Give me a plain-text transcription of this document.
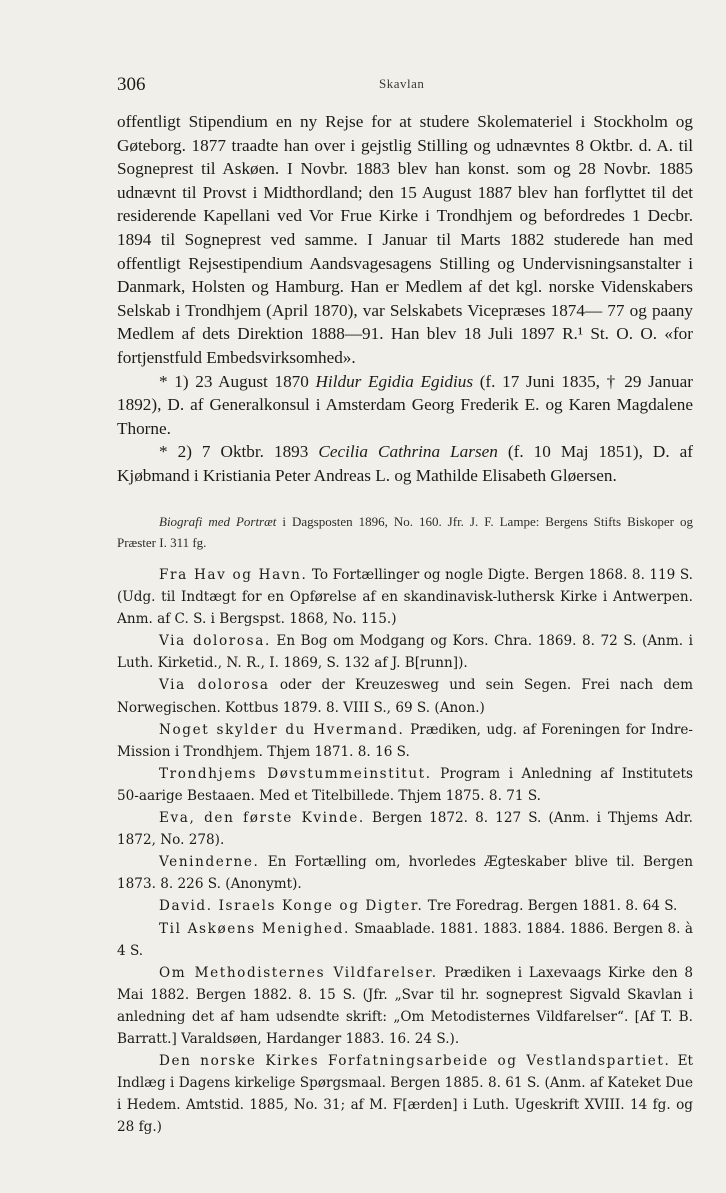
306	Skavlan

offentligt Stipendium en ny Rejse for at studere Skolemateriel i Stockholm og Gøteborg. 1877 traadte han over i gejstlig Stilling og udnævntes 8 Oktbr. d. A. til Sogneprest til Askøen. I Novbr. 1883 blev han konst. som og 28 Novbr. 1885 udnævnt til Provst i Midthordland; den 15 August 1887 blev han forflyttet til det residerende Kapellani ved Vor Frue Kirke i Trondhjem og befordredes 1 Decbr. 1894 til Sogneprest ved samme. I Januar til Marts 1882 studerede han med offentligt Rejsestipendium Aandsvagesagens Stilling og Undervisningsanstalter i Danmark, Holsten og Hamburg. Han er Medlem af det kgl. norske Videnskabers Selskab i Trondhjem (April 1870), var Selskabets Vicepræses 1874— 77 og paany Medlem af dets Direktion 1888—91. Han blev 18 Juli 1897 R.¹ St. O. O. «for fortjenstfuld Embedsvirksomhed».

* 1) 23 August 1870 Hildur Egidia Egidius (f. 17 Juni 1835, † 29 Januar 1892), D. af Generalkonsul i Amsterdam Georg Frederik E. og Karen Magdalene Thorne.

* 2) 7 Oktbr. 1893 Cecilia Cathrina Larsen (f. 10 Maj 1851), D. af Kjøbmand i Kristiania Peter Andreas L. og Mathilde Elisabeth Gløersen.

Biografi med Portræt i Dagsposten 1896, No. 160. Jfr. J. F. Lampe: Bergens Stifts Biskoper og Præster I. 311 fg.

Fra Hav og Havn. To Fortællinger og nogle Digte. Bergen 1868. 8. 119 S. (Udg. til Indtægt for en Opførelse af en skandinavisk-luthersk Kirke i Antwerpen. Anm. af C. S. i Bergspst. 1868, No. 115.)

Via dolorosa. En Bog om Modgang og Kors. Chra. 1869. 8. 72 S. (Anm. i Luth. Kirketid., N. R., I. 1869, S. 132 af J. B[runn]).

Via dolorosa oder der Kreuzesweg und sein Segen. Frei nach dem Norwegischen. Kottbus 1879. 8. VIII S., 69 S. (Anon.)

Noget skylder du Hvermand. Prædiken, udg. af Foreningen for Indre-Mission i Trondhjem. Thjem 1871. 8. 16 S.

Trondhjems Døvstummeinstitut. Program i Anledning af Institutets 50-aarige Bestaaen. Med et Titelbillede. Thjem 1875. 8. 71 S.

Eva, den første Kvinde. Bergen 1872. 8. 127 S. (Anm. i Thjems Adr. 1872, No. 278).

Veninderne. En Fortælling om, hvorledes Ægteskaber blive til. Bergen 1873. 8. 226 S. (Anonymt).

David. Israels Konge og Digter. Tre Foredrag. Bergen 1881. 8. 64 S.

Til Askøens Menighed. Smaablade. 1881. 1883. 1884. 1886. Bergen 8. à 4 S.

Om Methodisternes Vildfarelser. Prædiken i Laxevaags Kirke den 8 Mai 1882. Bergen 1882. 8. 15 S. (Jfr. „Svar til hr. sogneprest Sigvald Skavlan i anledning det af ham udsendte skrift: „Om Metodisternes Vildfarelser“. [Af T. B. Barratt.] Varaldsøen, Hardanger 1883. 16. 24 S.).

Den norske Kirkes Forfatningsarbeide og Vestlandspartiet. Et Indlæg i Dagens kirkelige Spørgsmaal. Bergen 1885. 8. 61 S. (Anm. af Kateket Due i Hedem. Amtstid. 1885, No. 31; af M. F[ærden] i Luth. Ugeskrift XVIII. 14 fg. og 28 fg.)
